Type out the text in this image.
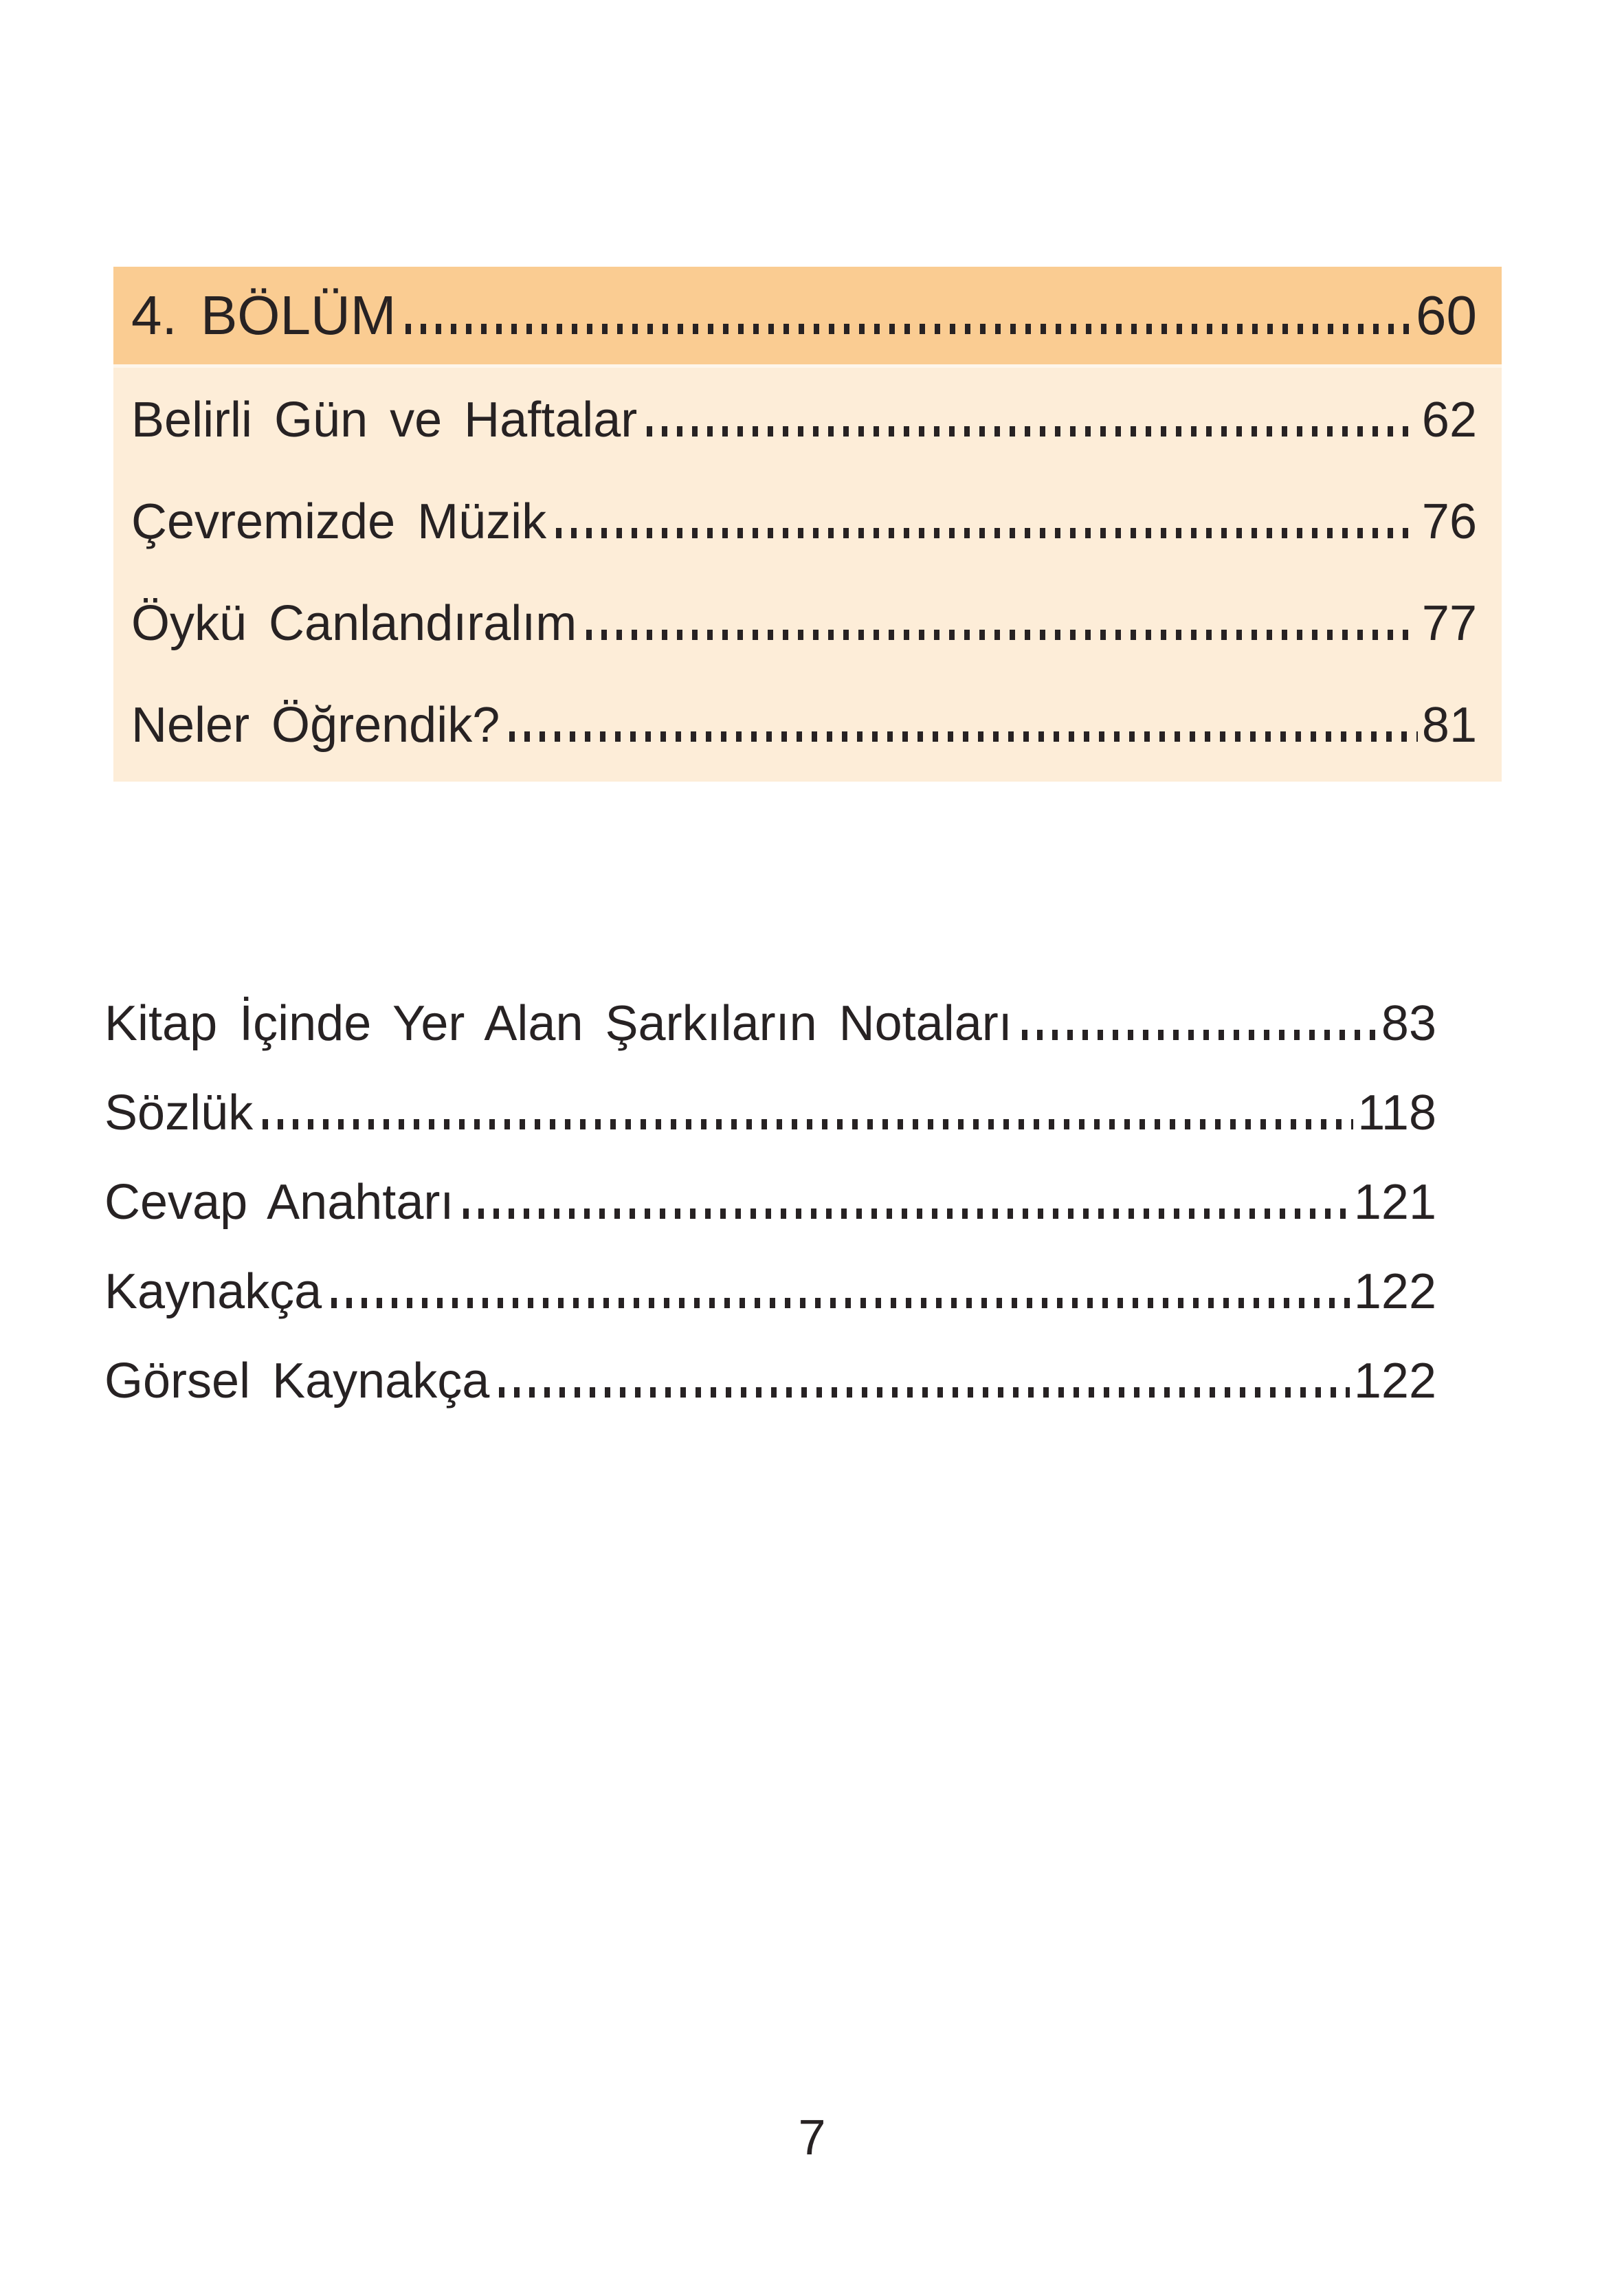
4. BÖLÜM	60
Belirli Gün ve Haftalar	62
Çevremizde Müzik	76
Öykü Canlandıralım	77
Neler Öğrendik?	81
Kitap İçinde Yer Alan Şarkıların Notaları	83
Sözlük	118
Cevap Anahtarı	121
Kaynakça	122
Görsel Kaynakça	122
7
